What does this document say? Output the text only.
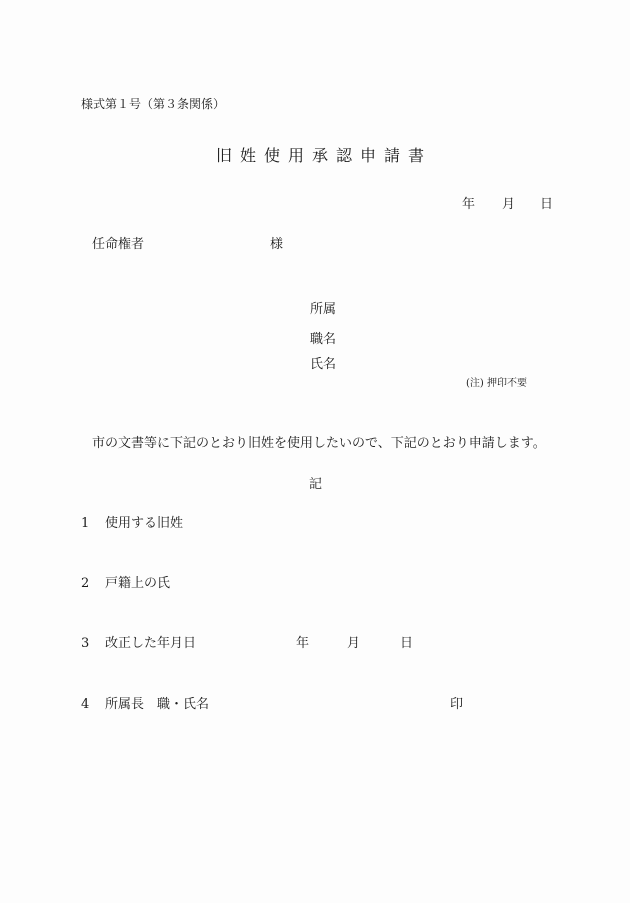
様式第１号（第３条関係）
旧姓使用承認申請書
年 月 日
任命権者	様
所属
職名
氏名
(注) 押印不要
市の文書等に下記のとおり旧姓を使用したいので、下記のとおり申請します。
記
1 使用する旧姓
2 戸籍上の氏
3 改正した年月日	年	月	日
4 所属長　職・氏名	印
